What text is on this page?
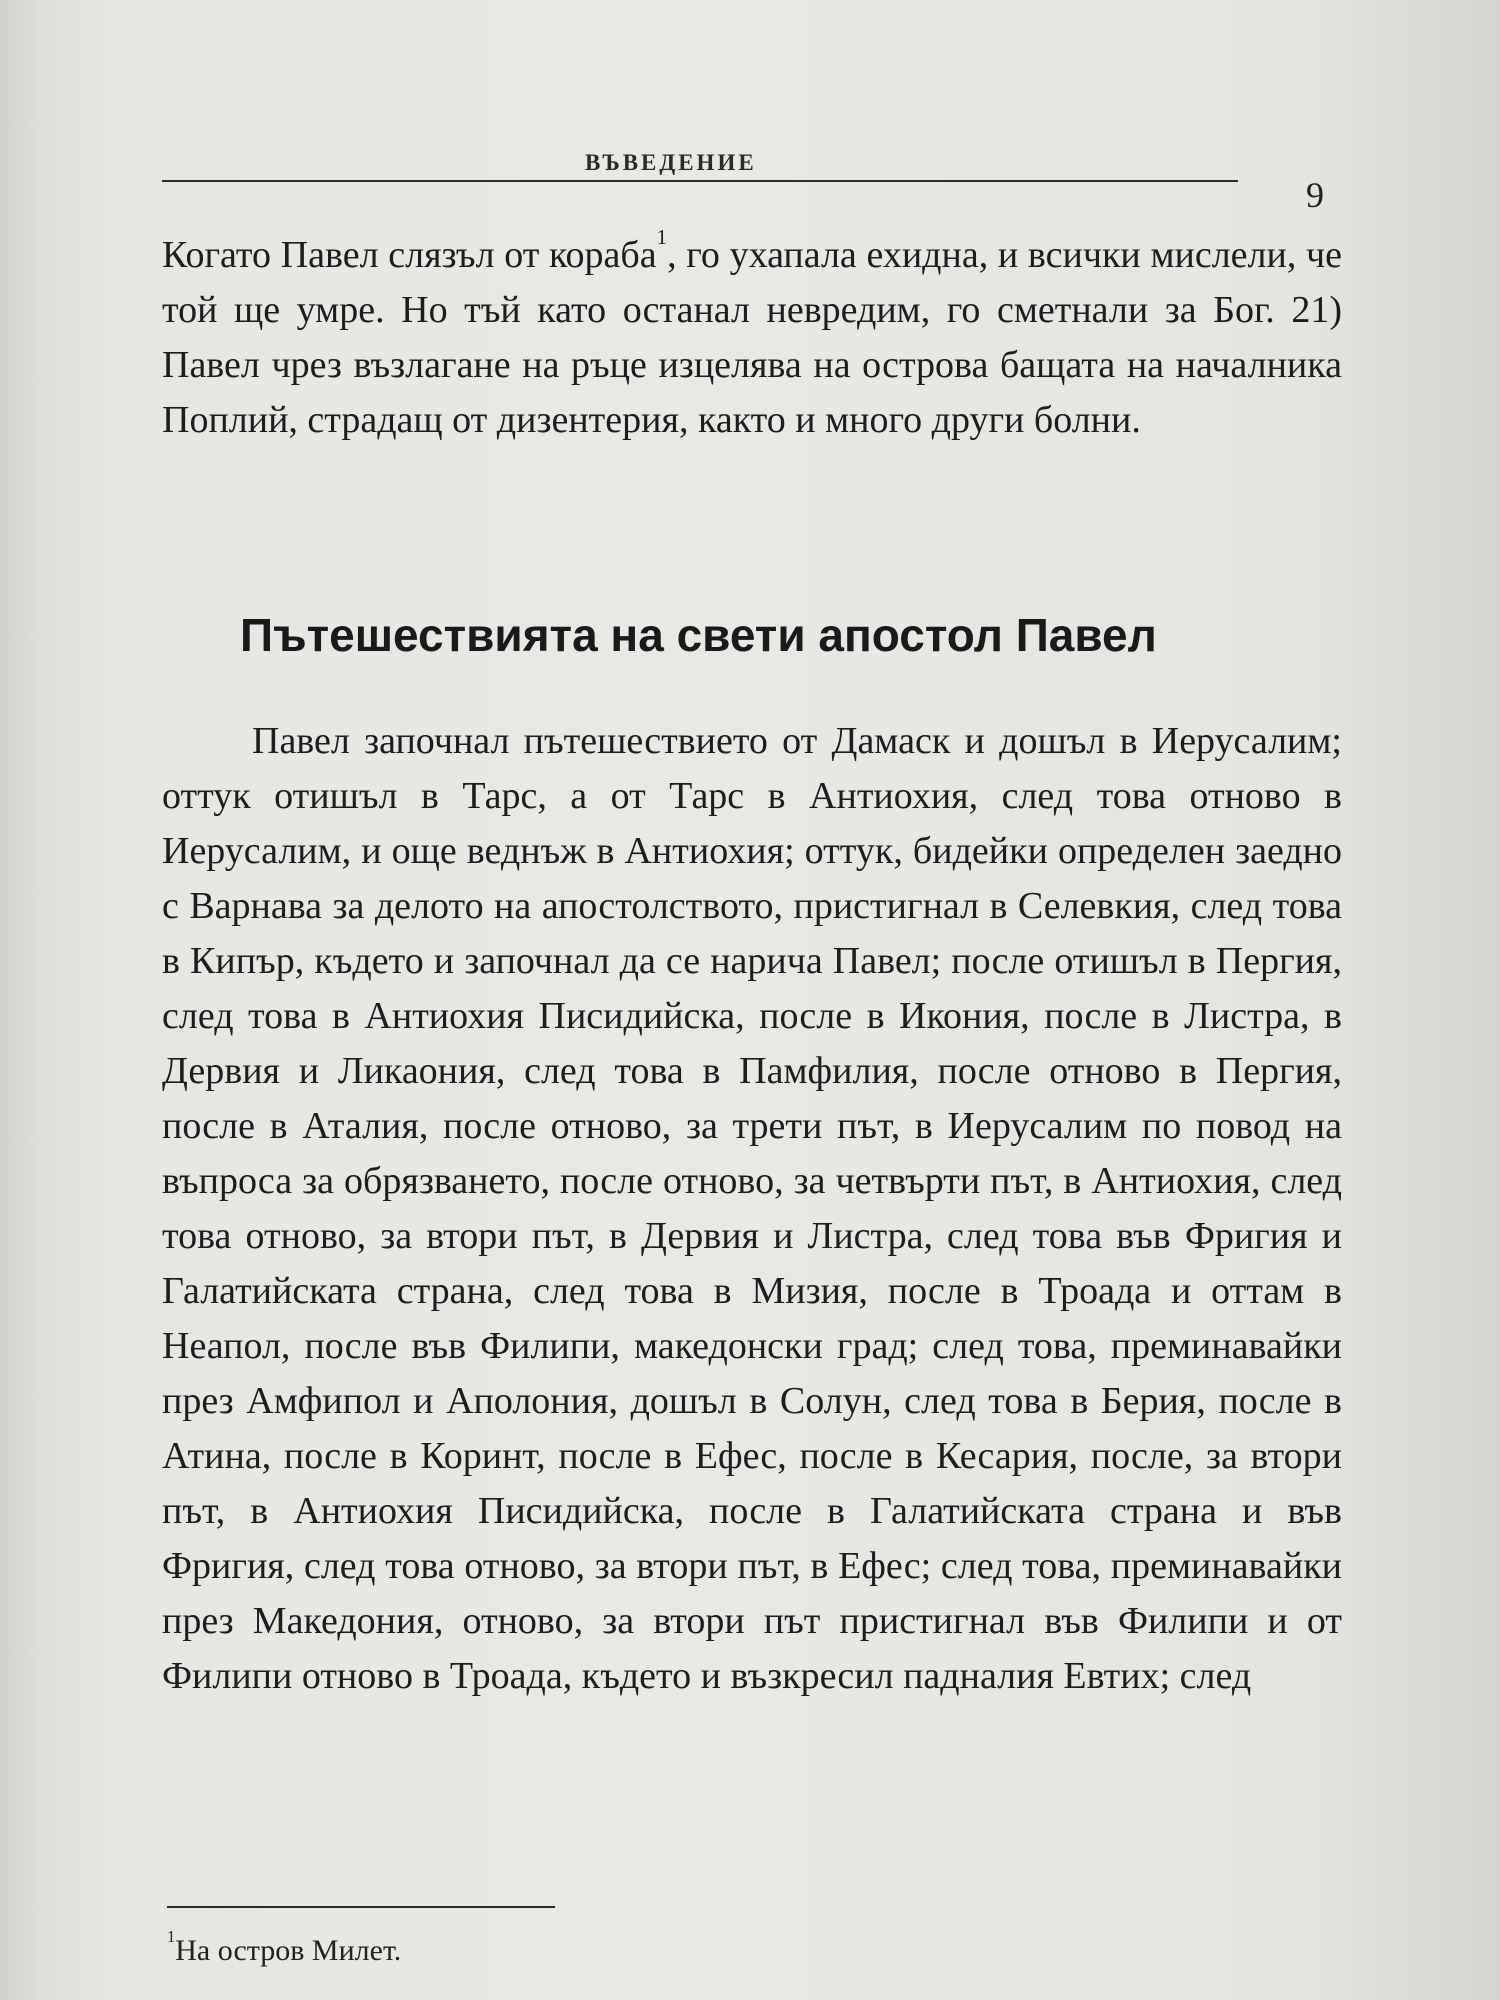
ВЪВЕДЕНИЕ
9
Когато Павел слязъл от кораба$^1$, го ухапала ехидна, и всички мислели, че той ще умре. Но тъй като останал невредим, го сметнали за Бог. 21) Павел чрез възлагане на ръце изцелява на острова бащата на началника Поплий, страдащ от дизентерия, както и много други болни.
Пътешествията на свети апостол Павел
Павел започнал пътешествието от Дамаск и дошъл в Иерусалим; оттук отишъл в Тарс, а от Тарс в Антиохия, след това отново в Иерусалим, и още веднъж в Антиохия; оттук, бидейки определен заедно с Варнава за делото на апостолството, пристигнал в Селевкия, след това в Кипър, където и започнал да се нарича Павел; после отишъл в Пергия, след това в Антиохия Писидийска, после в Икония, после в Листра, в Дервия и Ликаония, след това в Памфилия, после отново в Пергия, после в Аталия, после отново, за трети път, в Иерусалим по повод на въпроса за обрязването, после отново, за четвърти път, в Антиохия, след това отново, за втори път, в Дервия и Листра, след това във Фригия и Галатийската страна, след това в Мизия, после в Троада и оттам в Неапол, после във Филипи, македонски град; след това, преминавайки през Амфипол и Аполония, дошъл в Солун, след това в Берия, после в Атина, после в Коринт, после в Ефес, после в Кесария, после, за втори път, в Антиохия Писидийска, после в Галатийската страна и във Фригия, след това отново, за втори път, в Ефес; след това, преминавайки през Македония, отново, за втори път пристигнал във Филипи и от Филипи отново в Троада, където и възкресил падналия Евтих; след
$^1$На остров Милет.
